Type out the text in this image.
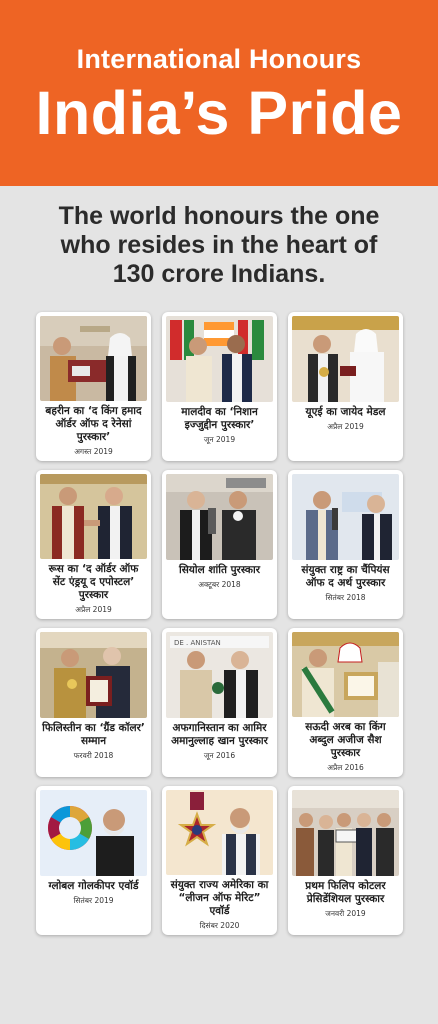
International Honours
India’s Pride
The world honours the one
who resides in the heart of
130 crore Indians.
बहरीन का ‘द किंग हमाद ऑर्डर ऑफ द रेनेसां पुरस्कार’
अगस्त 2019
मालदीव का ‘निशान इज्जुद्दीन पुरस्कार’
जून 2019
यूएई का जायेद मेडल
अप्रैल 2019
रूस का ‘द ऑर्डर ऑफ सेंट एंड्रयू द एपोस्टल’ पुरस्कार
अप्रैल 2019
सियोल शांति पुरस्कार
अक्टूबर 2018
संयुक्त राष्ट्र का चैंपियंस ऑफ द अर्थ पुरस्कार
सितंबर 2018
फिलिस्तीन का ‘ग्रैंड कॉलर’ सम्मान
फरवरी 2018
DE . ANISTAN
अफगानिस्तान का आमिर अमानुल्लाह खान पुरस्कार
जून 2016
सऊदी अरब का किंग अब्दुल अजीज सैश पुरस्कार
अप्रैल 2016
ग्लोबल गोलकीपर एवॉर्ड
सितंबर 2019
संयुक्त राज्य अमेरिका का “लीजन ऑफ मेरिट” एवॉर्ड
दिसंबर 2020
प्रथम फिलिप कोटलर प्रेसिडेंशियल पुरस्कार
जनवरी 2019
